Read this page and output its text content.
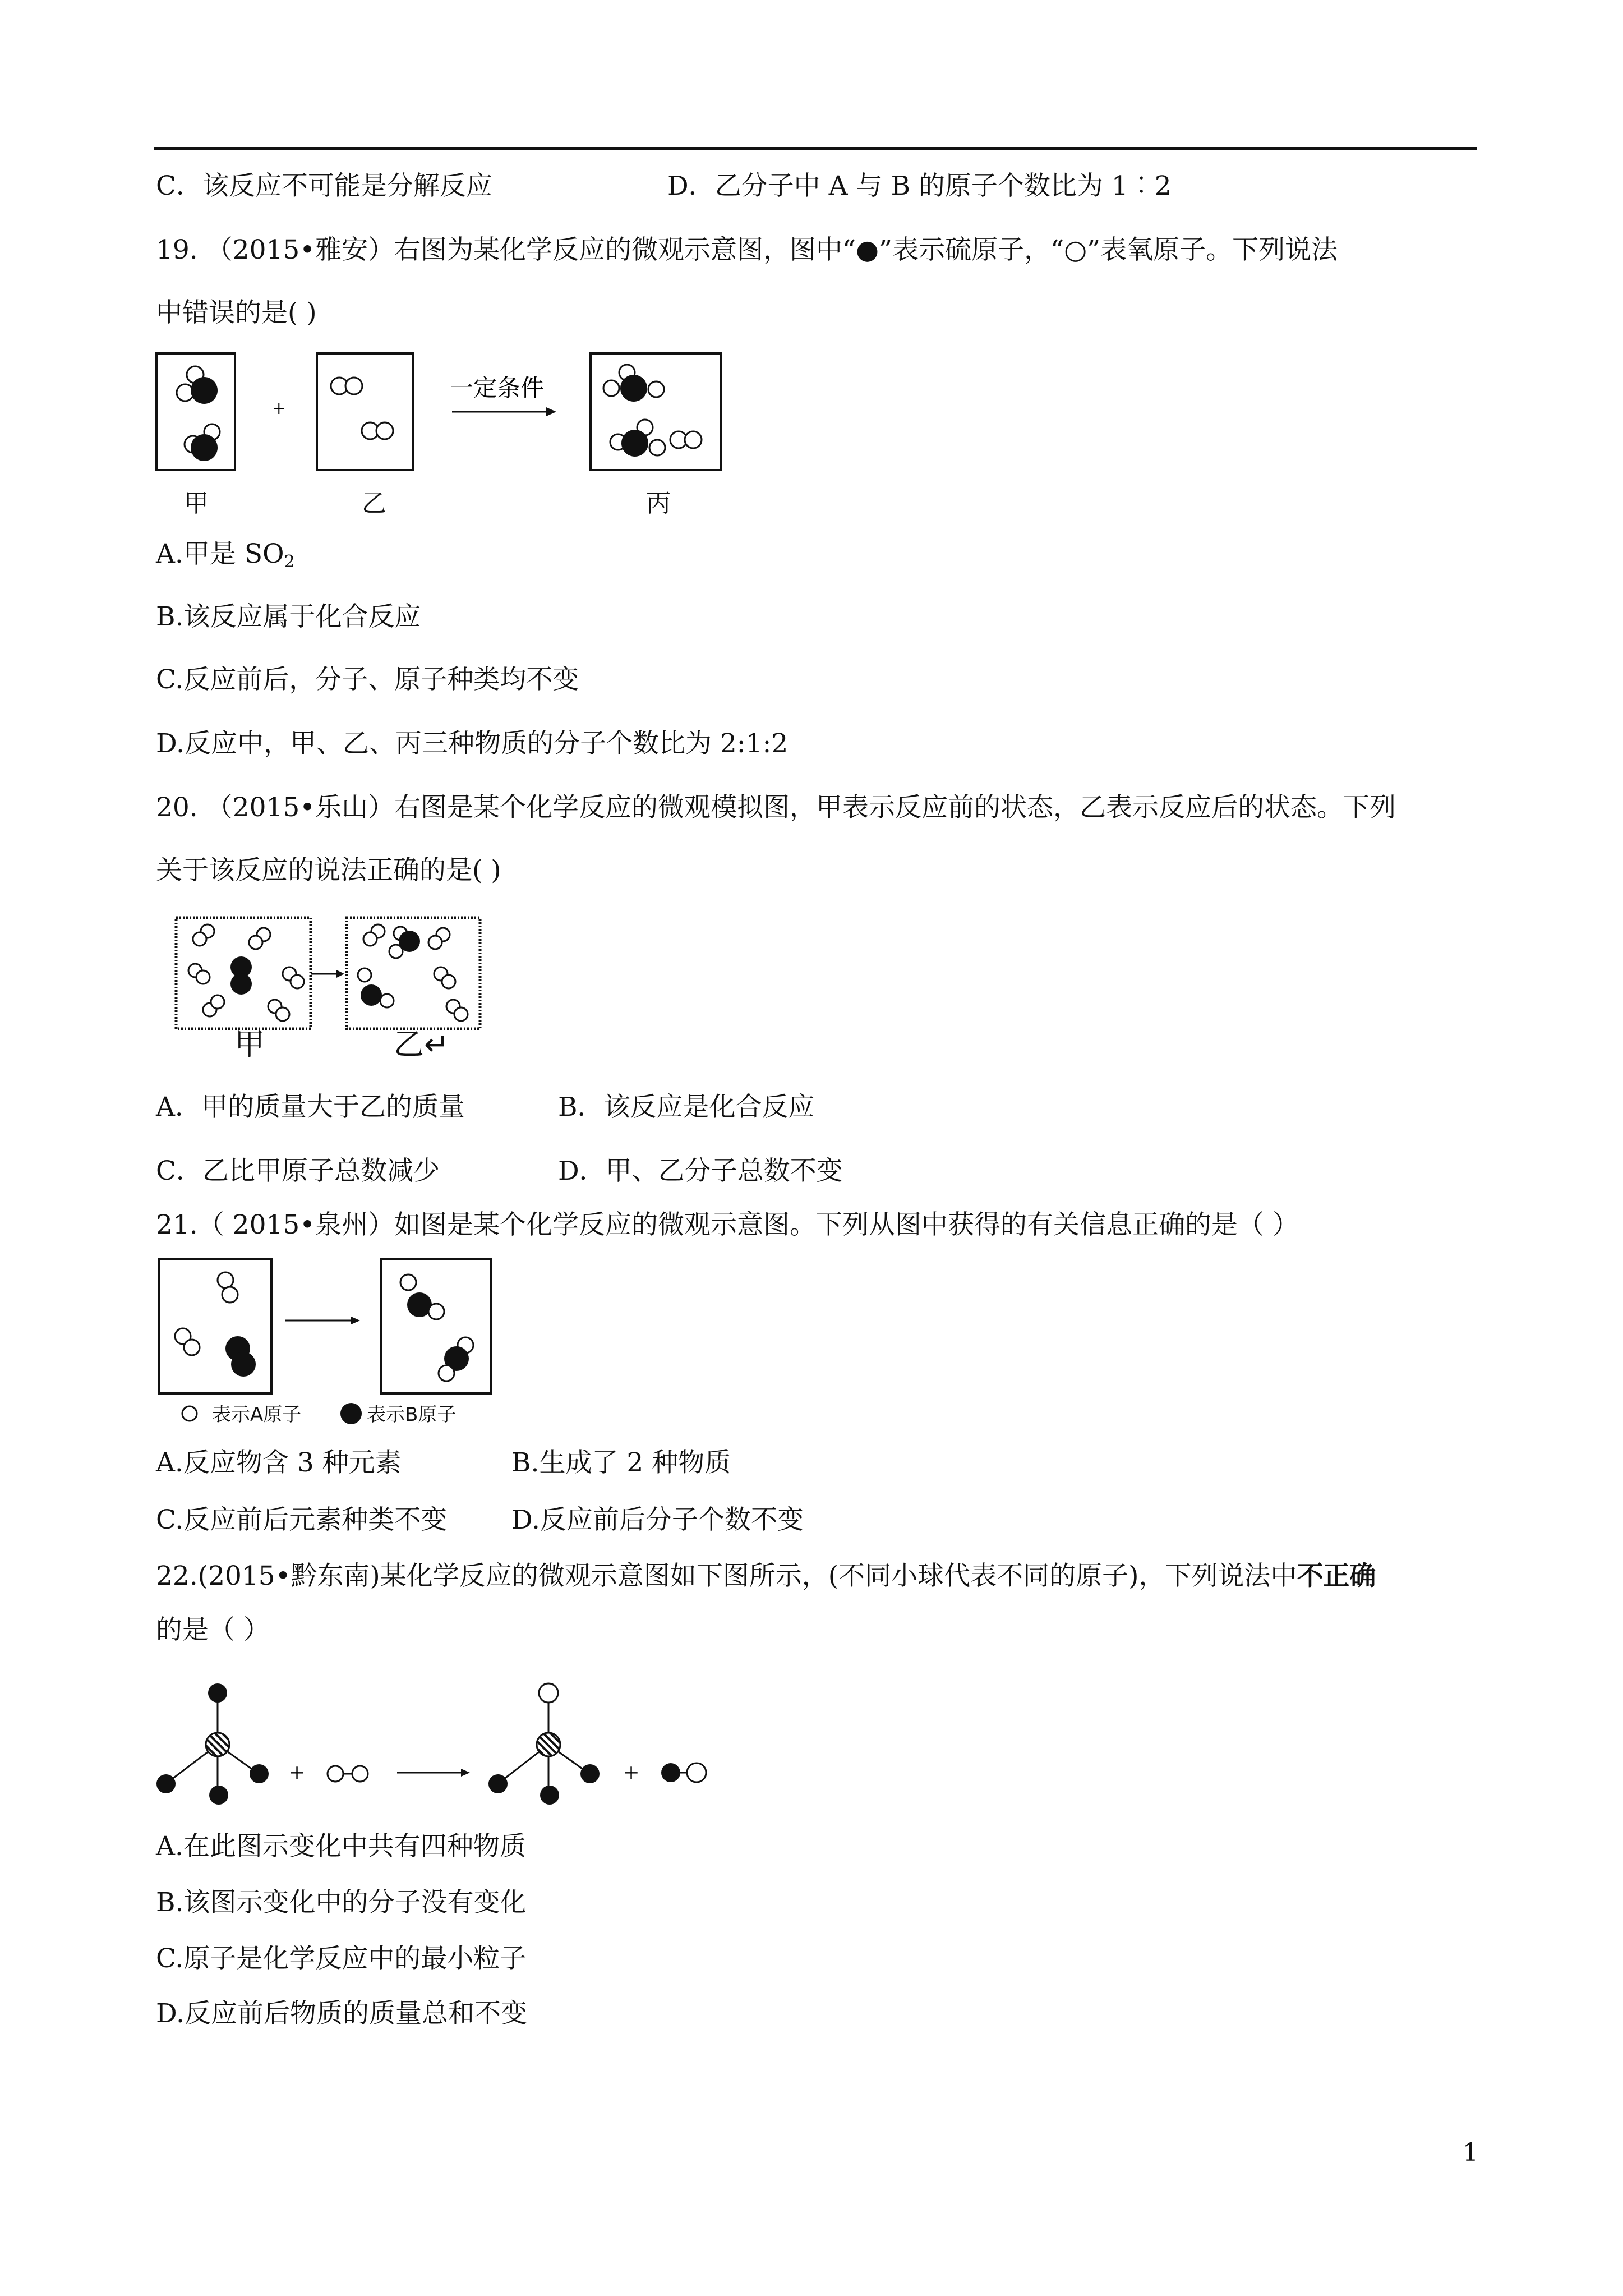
C．该反应不可能是分解反应	D．乙分子中 A 与 B 的原子个数比为 1︰2
19. （2015•雅安）右图为某化学反应的微观示意图，图中“●”表示硫原子，“○”表氧原子。下列说法
中错误的是( )
+
一定条件
甲	乙	丙
A.甲是 $SO_2$
B.该反应属于化合反应
C.反应前后，分子、原子种类均不变
D.反应中，甲、乙、丙三种物质的分子个数比为 2:1:2
20. （2015•乐山）右图是某个化学反应的微观模拟图，甲表示反应前的状态，乙表示反应后的状态。下列
关于该反应的说法正确的是( )
甲	乙↵
A．甲的质量大于乙的质量	B．该反应是化合反应
C．乙比甲原子总数减少	D．甲、乙分子总数不变
21.（ 2015•泉州）如图是某个化学反应的微观示意图。下列从图中获得的有关信息正确的是（ ）
表示A原子	表示B原子
A.反应物含 3 种元素	B.生成了 2 种物质
C.反应前后元素种类不变 D.反应前后分子个数不变
22.(2015•黔东南)某化学反应的微观示意图如下图所示，(不同小球代表不同的原子)，下列说法中不正确
的是（ ）
+	+
A.在此图示变化中共有四种物质
B.该图示变化中的分子没有变化
C.原子是化学反应中的最小粒子
D.反应前后物质的质量总和不变
1
